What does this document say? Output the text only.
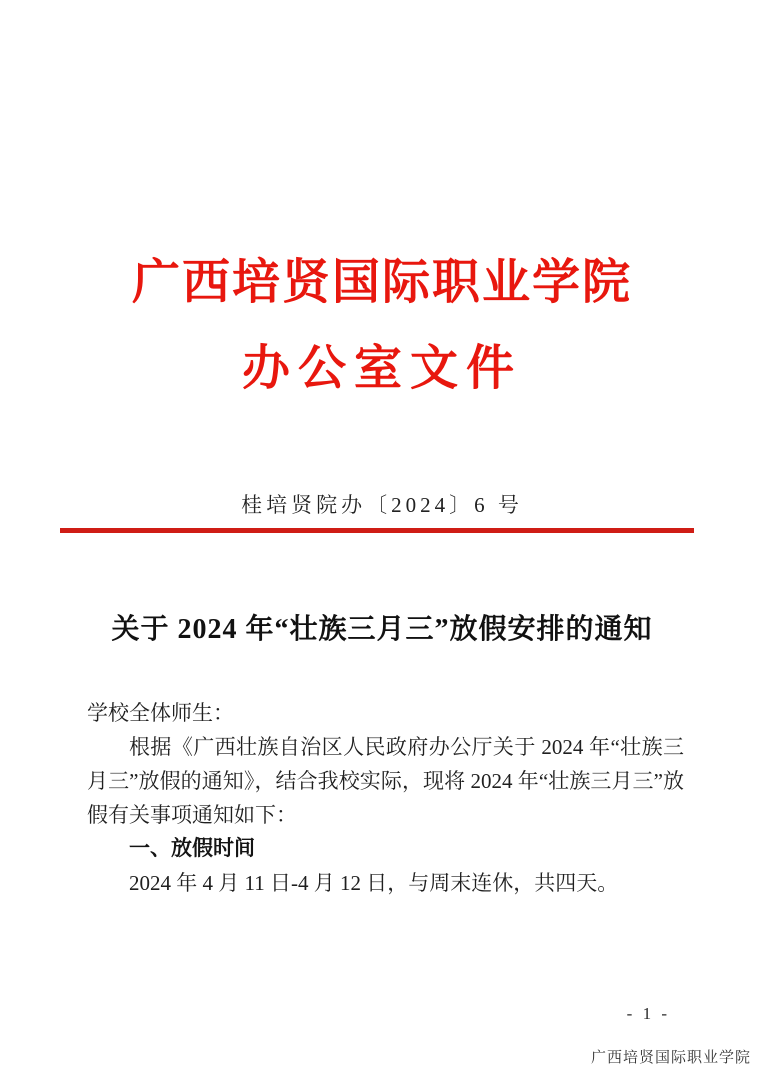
广西培贤国际职业学院
办公室文件
桂培贤院办〔2024〕6 号
关于 2024 年“壮族三月三”放假安排的通知

学校全体师生：

根据《广西壮族自治区人民政府办公厅关于 2024 年“壮族三月三”放假的通知》，结合我校实际，现将 2024 年“壮族三月三”放假有关事项通知如下：

一、放假时间

2024 年 4 月 11 日-4 月 12 日，与周末连休，共四天。

- 1 -
广西培贤国际职业学院
